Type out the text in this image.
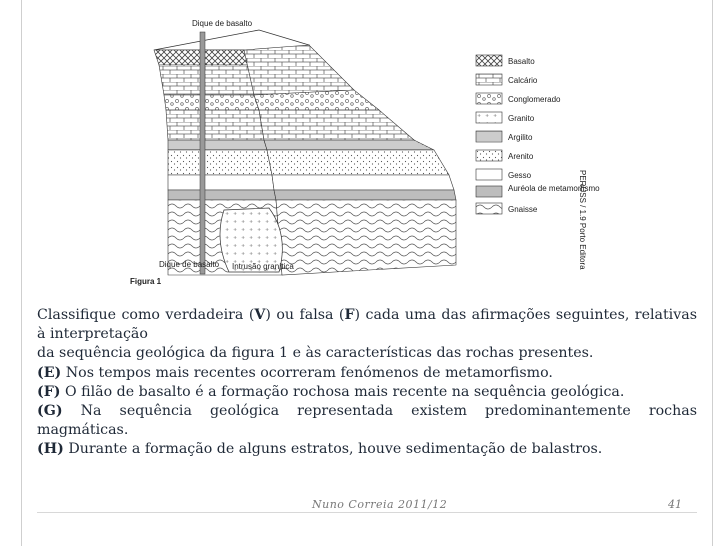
Basalto
Calcário
Conglomerado
Granito
Argilito
Arenito
Gesso
Auréola de metamorfismo
Gnaisse	PERUSS / 1.9 Porto Editora
Dique de basalto
Dique de basalto Intrusão granítica
Figura 1

Classifique como verdadeira (V) ou falsa (F) cada uma das afirmações seguintes, relativas à interpretação

da sequência geológica da figura 1 e às características das rochas presentes.

(E) Nos tempos mais recentes ocorreram fenómenos de metamorfismo.

(F) O filão de basalto é a formação rochosa mais recente na sequência geológica.

(G) Na sequência geológica representada existem predominantemente rochas magmáticas.

(H) Durante a formação de alguns estratos, houve sedimentação de balastros.

Nuno Correia 2011/12	41
